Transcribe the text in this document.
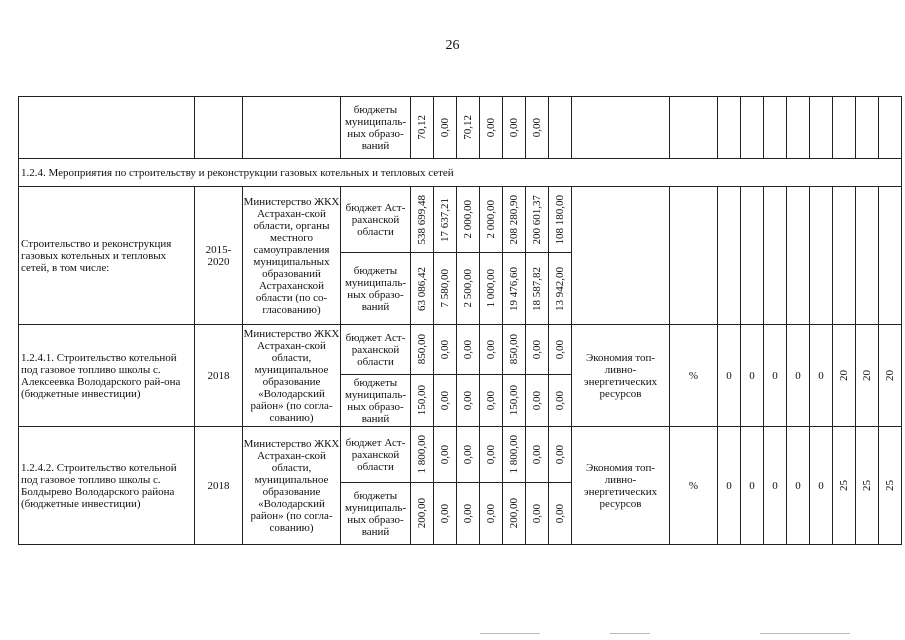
26
			бюджеты муниципаль-ных образо-ваний	70,12	0,00	70,12	0,00	0,00	0,00											

1.2.4. Мероприятия по строительству и реконструкции газовых котельных и тепловых сетей																				
Строительство и реконструкция газовых котельных и тепловых сетей, в том числе:	2015-2020	Министерство ЖКХ Астрахан-ской области, органы местного самоуправления муниципальных образований Астраханской области (по со-гласованию)	бюджет Аст-раханской области	538 699,48	17 637,21	2 000,00	2 000,00	208 280,90	200 601,37	108 180,00										

			бюджеты муниципаль-ных образо-ваний	63 086,42	7 580,00	2 500,00	1 000,00	19 476,60	18 587,82	13 942,00										

1.2.4.1. Строительство котельной под газовое топливо школы с. Алексеевка Володарского рай-она (бюджетные инвестиции)	2018	Министерство ЖКХ Астрахан-ской области, муниципальное образование «Володарский район» (по согла-сованию)	бюджет Аст-раханской области	850,00	0,00	0,00	0,00	850,00	0,00	0,00	Экономия топ-ливно-энергетических ресурсов	%	0	0	0	0	0	20	20	20

			бюджеты муниципаль-ных образо-ваний	150,00	0,00	0,00	0,00	150,00	0,00	0,00										

1.2.4.2. Строительство котельной под газовое топливо школы с. Болдырево Володарского района (бюджетные инвестиции)	2018	Министерство ЖКХ Астрахан-ской области, муниципальное образование «Володарский район» (по согла-сованию)	бюджет Аст-раханской области	1 800,00	0,00	0,00	0,00	1 800,00	0,00	0,00	Экономия топ-ливно-энергетических ресурсов	%	0	0	0	0	0	25	25	25

			бюджеты муниципаль-ных образо-ваний	200,00	0,00	0,00	0,00	200,00	0,00	0,00										
